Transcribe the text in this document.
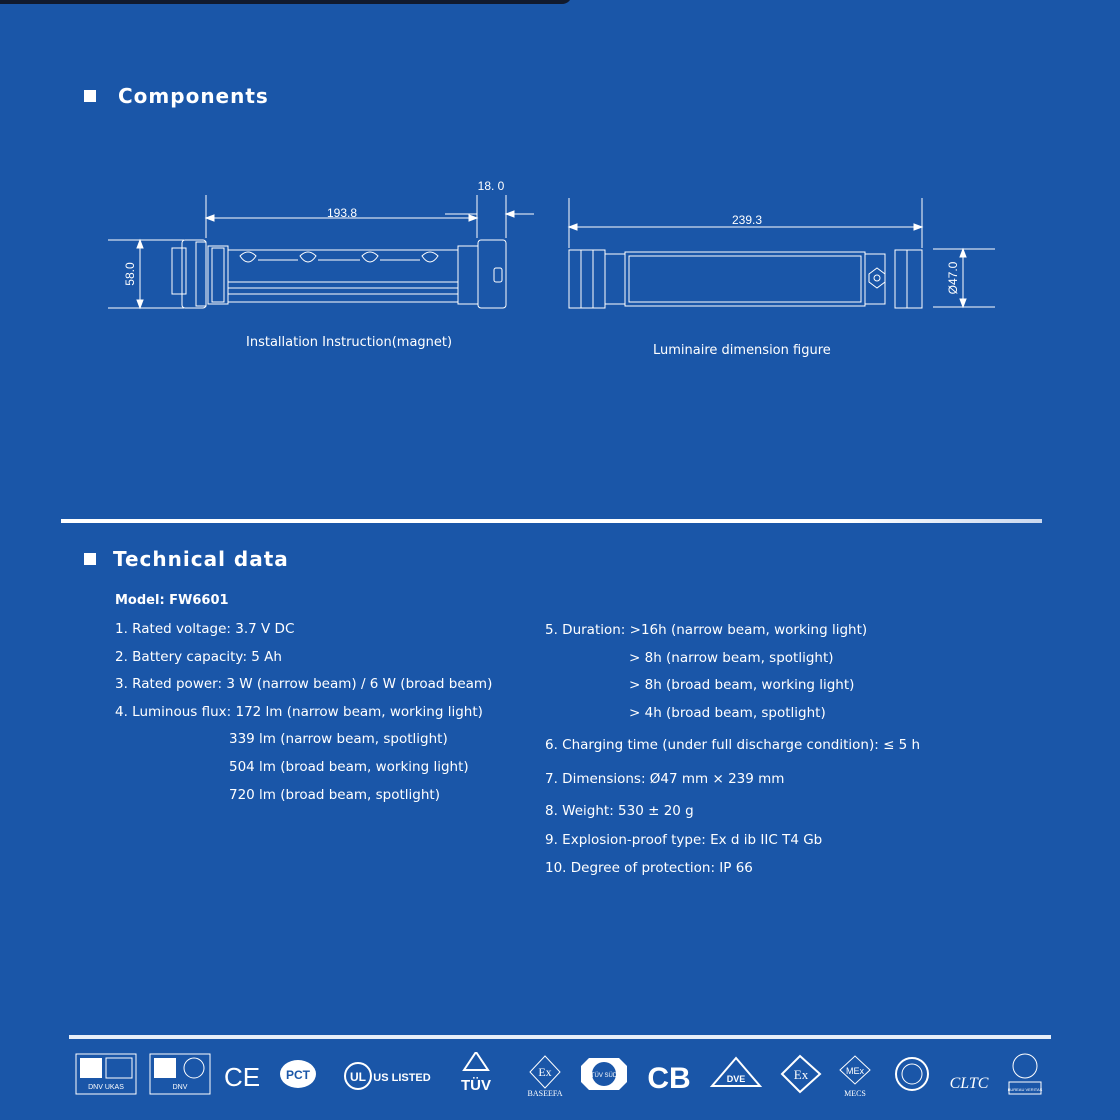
Components
193.8
18. 0
58.0
239.3
Ø47.0
Installation Instruction(magnet)
Luminaire dimension figure
Technical data
Model: FW6601
1. Rated voltage: 3.7 V DC
2. Battery capacity: 5 Ah
3. Rated power: 3 W (narrow beam) / 6 W (broad beam)
4. Luminous flux: 172 lm (narrow beam, working light)
339 lm (narrow beam, spotlight)
504 lm (broad beam, working light)
720 lm (broad beam, spotlight)
5. Duration: >16h (narrow beam, working light)
> 8h (narrow beam, spotlight)
> 8h (broad beam, working light)
> 4h (broad beam, spotlight)
6. Charging time (under full discharge condition): ≤ 5 h
7. Dimensions: Ø47 mm × 239 mm
8. Weight: 530 ± 20 g
9. Explosion-proof type: Ex d ib IIC T4 Gb
10. Degree of protection: IP 66
DNV UKAS	DNV CE PCT	UL US LISTED TÜV
Ex
BASEEFA
TÜV SÜD CB	DVE	Ex	MEx
MECS
CLTC	BUREAU VERITAS
